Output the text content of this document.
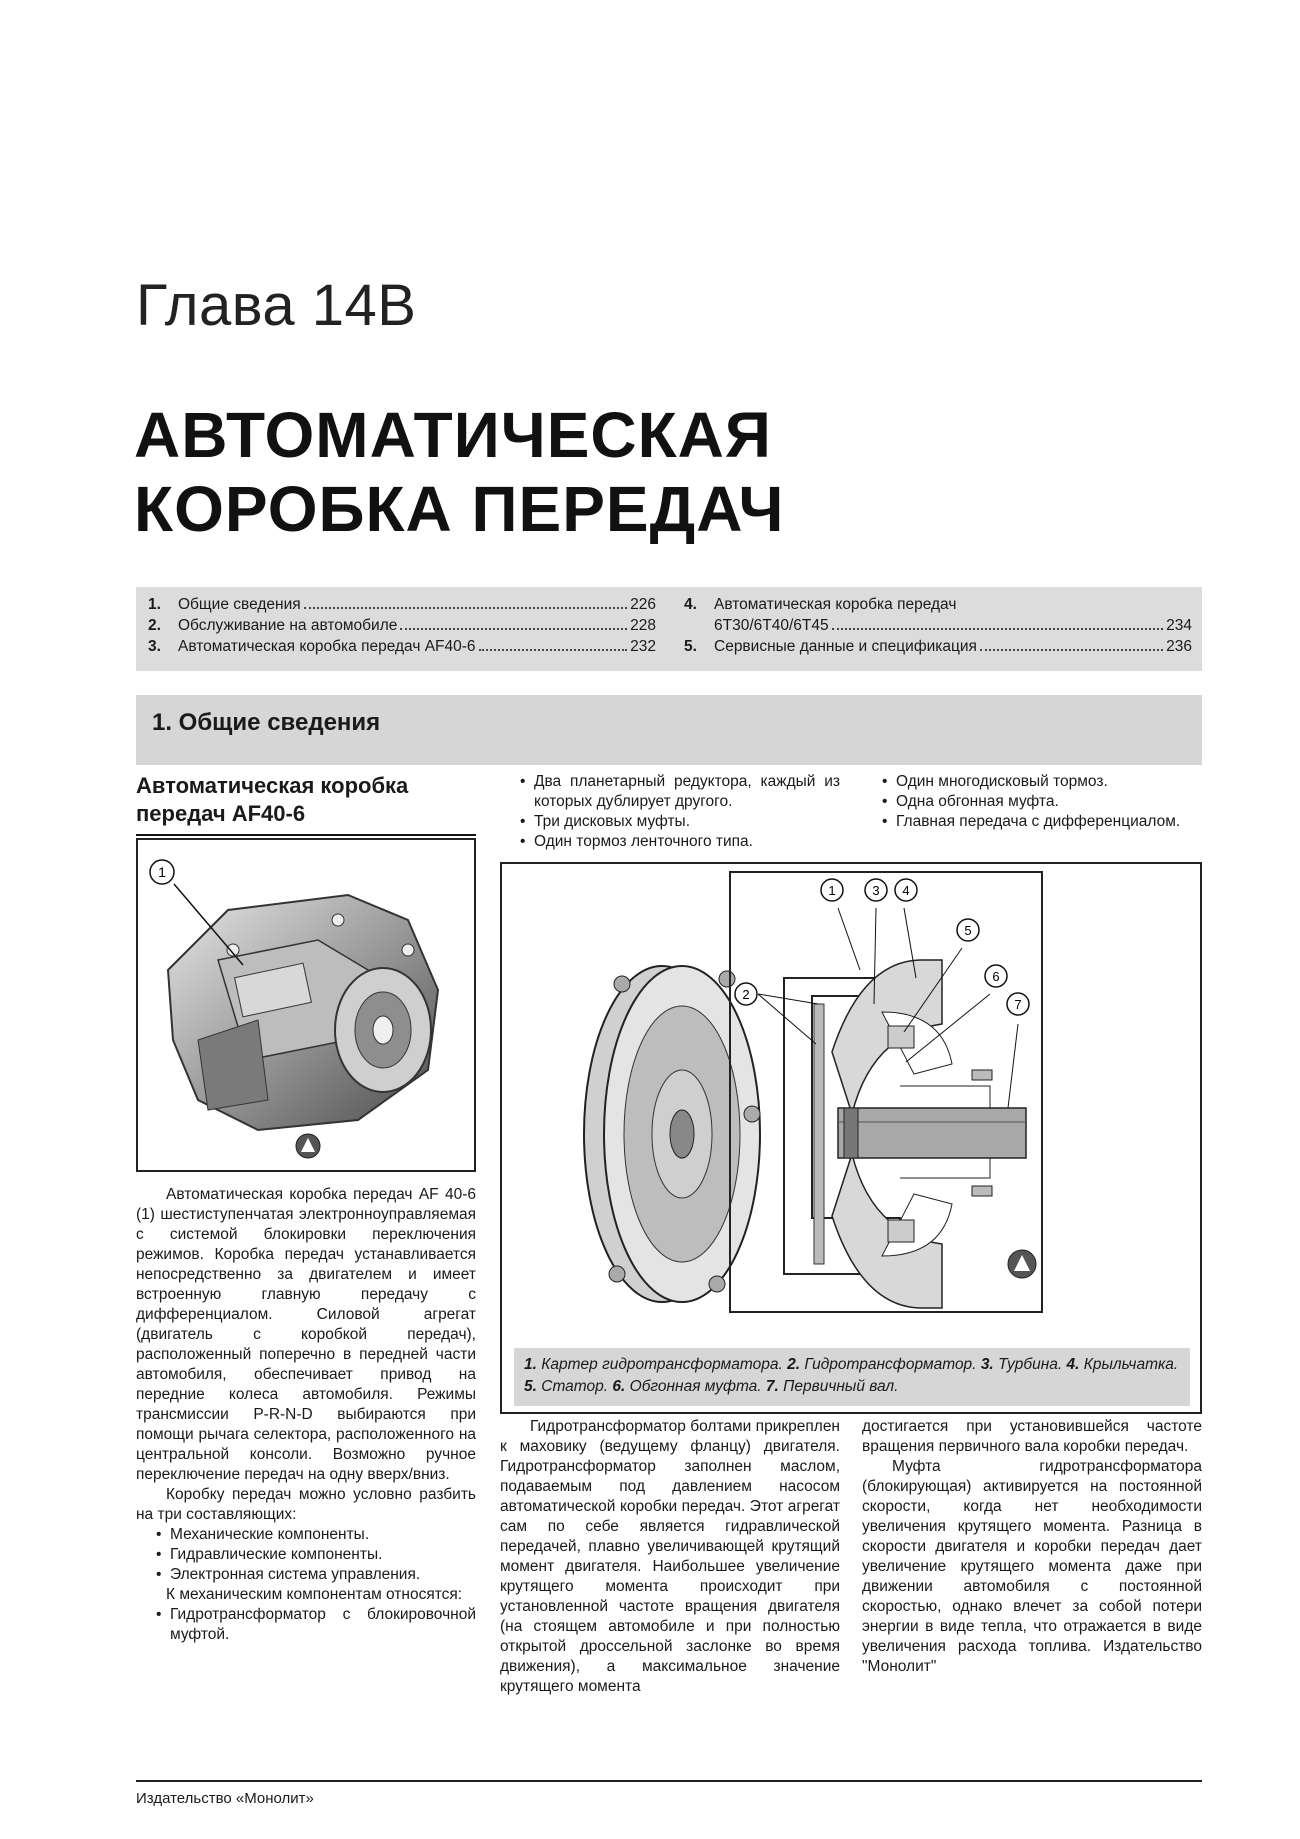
Глава 14B
АВТОМАТИЧЕСКАЯ
КОРОБКА ПЕРЕДАЧ
1.	Общие сведения	226
2.	Обслуживание на автомобиле	228
3.	Автоматическая коробка передач AF40-6	232
4.	Автоматическая коробка передач
6T30/6T40/6T45	234
5.	Сервисные данные и спецификация	236
1. Общие сведения
Автоматическая коробка передач AF40-6
1

Автоматическая коробка передач AF 40-6 (1) шестиступенчатая электронноуправляемая с системой блокировки переключения режимов. Коробка передач устанавливается непосредственно за двигателем и имеет встроенную главную передачу с дифференциалом. Силовой агрегат (двигатель с коробкой передач), расположенный поперечно в передней части автомобиля, обеспечивает привод на передние колеса автомобиля. Режимы трансмиссии P-R-N-D выбираются при помощи рычага селектора, расположенного на центральной консоли. Возможно ручное переключение передач на одну вверх/вниз.

Коробку передач можно условно разбить на три составляющих:

• Механические компоненты.
• Гидравлические компоненты.
• Электронная система управления.

К механическим компонентам относятся:

• Гидротрансформатор с блокировочной муфтой.
• Два планетарный редуктора, каждый из которых дублирует другого.
• Три дисковых муфты.
• Один тормоз ленточного типа.
• Один многодисковый тормоз.
• Одна обгонная муфта.
• Главная передача с дифференциалом.
1	3 4
5
6
7
2
1. Картер гидротрансформатора. 2. Гидротрансформатор. 3. Турбина. 4. Крыльчатка. 5. Статор. 6. Обгонная муфта. 7. Первичный вал.

Гидротрансформатор болтами прикреплен к маховику (ведущему фланцу) двигателя. Гидротрансформатор заполнен маслом, подаваемым под давлением насосом автоматической коробки передач. Этот агрегат сам по себе является гидравлической передачей, плавно увеличивающей крутящий момент двигателя. Наибольшее увеличение крутящего момента происходит при установленной частоте вращения двигателя (на стоящем автомобиле и при полностью открытой дроссельной заслонке во время движения), а максимальное значение крутящего момента

достигается при установившейся частоте вращения первичного вала коробки передач.

Муфта гидротрансформатора (блокирующая) активируется на постоянной скорости, когда нет необходимости увеличения крутящего момента. Разница в скорости двигателя и коробки передач дает увеличение крутящего момента даже при движении автомобиля с постоянной скоростью, однако влечет за собой потери энергии в виде тепла, что отражается в виде увеличения расхода топлива. Издательство "Монолит"

Издательство «Монолит»
